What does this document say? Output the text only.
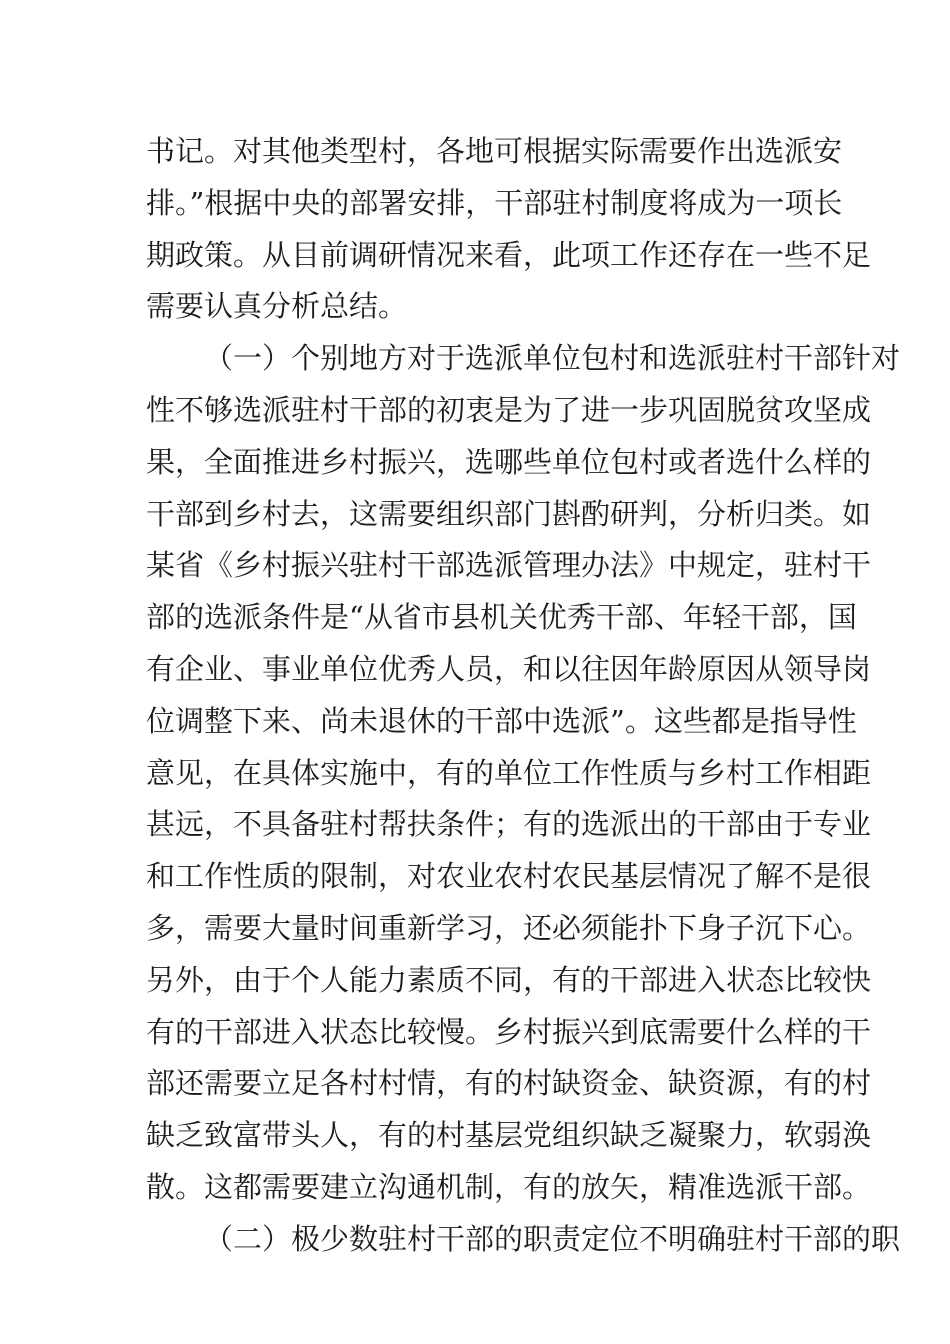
书记。对其他类型村，各地可根据实际需要作出选派安
排。”根据中央的部署安排，干部驻村制度将成为一项长
期政策。从目前调研情况来看，此项工作还存在一些不足
需要认真分析总结。
（一）个别地方对于选派单位包村和选派驻村干部针对
性不够选派驻村干部的初衷是为了进一步巩固脱贫攻坚成
果，全面推进乡村振兴，选哪些单位包村或者选什么样的
干部到乡村去，这需要组织部门斟酌研判，分析归类。如
某省《乡村振兴驻村干部选派管理办法》中规定，驻村干
部的选派条件是“从省市县机关优秀干部、年轻干部，国
有企业、事业单位优秀人员，和以往因年龄原因从领导岗
位调整下来、尚未退休的干部中选派”。这些都是指导性
意见，在具体实施中，有的单位工作性质与乡村工作相距
甚远，不具备驻村帮扶条件；有的选派出的干部由于专业
和工作性质的限制，对农业农村农民基层情况了解不是很
多，需要大量时间重新学习，还必须能扑下身子沉下心。
另外，由于个人能力素质不同，有的干部进入状态比较快
有的干部进入状态比较慢。乡村振兴到底需要什么样的干
部还需要立足各村村情，有的村缺资金、缺资源，有的村
缺乏致富带头人，有的村基层党组织缺乏凝聚力，软弱涣
散。这都需要建立沟通机制，有的放矢，精准选派干部。
（二）极少数驻村干部的职责定位不明确驻村干部的职
